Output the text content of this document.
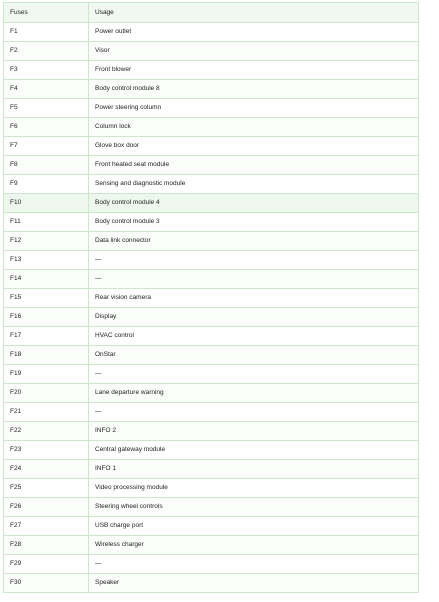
Fuses	Usage
F1	Power outlet
F2	Visor
F3	Front blower
F4	Body control module 8
F5	Power steering column
F6	Column lock
F7	Glove box door
F8	Front heated seat module
F9	Sensing and diagnostic module
F10	Body control module 4
F11	Body control module 3
F12	Data link connector
F13	—
F14	—
F15	Rear vision camera
F16	Display
F17	HVAC control
F18	OnStar
F19	—
F20	Lane departure warning
F21	—
F22	INFO 2
F23	Central gateway module
F24	INFO 1
F25	Video processing module
F26	Steering wheel controls
F27	USB charge port
F28	Wireless charger
F29	—
F30	Speaker
